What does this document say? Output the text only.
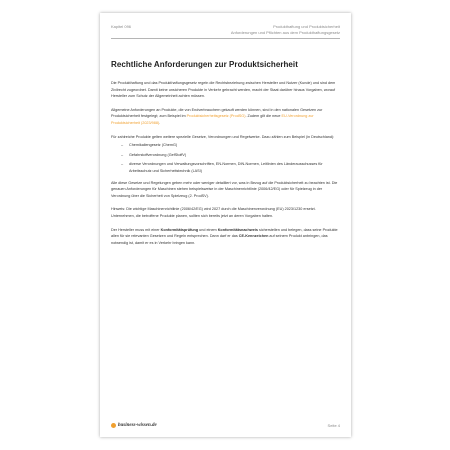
Kapitel 096	Produkthaftung und Produktsicherheit
Anforderungen und Pflichten aus dem Produkthaftungsgesetz
Rechtliche Anforderungen zur Produktsicherheit

Die Produkthaftung und das Produkthaftungsgesetz regeln die Rechtsbeziehung zwischen Hersteller und Nutzer (Kunde) und sind dem Zivilrecht zugeordnet. Damit keine unsicheren Produkte in Verkehr gebracht werden, macht der Staat darüber hinaus Vorgaben, worauf Hersteller zum Schutz der Allgemeinheit achten müssen.

Allgemeine Anforderungen an Produkte, die von Endverbrauchern gekauft werden können, sind in den nationalen Gesetzen zur Produktsicherheit festgelegt; zum Beispiel im Produktsicherheitsgesetz (ProdSG). Zudem gilt die neue EU-Verordnung zur Produktsicherheit (2023/988).

Für zahlreiche Produkte gelten weitere spezielle Gesetze, Verordnungen und Regelwerke. Dazu zählen zum Beispiel (in Deutschland):

– Chemikaliengesetz (ChemG)
– Gefahrstoffverordnung (GefStoffV)
– diverse Verordnungen und Verwaltungsvorschriften, EN-Normen, DIN-Normen, Leitlinien des Länderausschusses für Arbeitsschutz und Sicherheitstechnik (LASI)

Alle diese Gesetze und Regelungen geben mehr oder weniger detailliert vor, was in Bezug auf die Produktsicherheit zu beachten ist. Die genauen Anforderungen für Maschinen stehen beispielsweise in der Maschinenrichtlinie (2006/42/EG) oder für Spielzeug in der Verordnung über die Sicherheit von Spielzeug (2. ProdSV).

Hinweis: Die wichtige Maschinenrichtlinie (2006/42/EG) wird 2027 durch die Maschinenverordnung (EU) 2023/1230 ersetzt. Unternehmen, die betroffene Produkte planen, sollten sich bereits jetzt an deren Vorgaben halten.

Der Hersteller muss mit einer Konformitätsprüfung und einem Konformitätsnachweis sicherstellen und belegen, dass seine Produkte allen für sie relevanten Gesetzen und Regeln entsprechen. Dann darf er das CE-Kennzeichen auf seinem Produkt anbringen, das notwendig ist, damit er es in Verkehr bringen kann.

business-wissen.de	Seite 4
